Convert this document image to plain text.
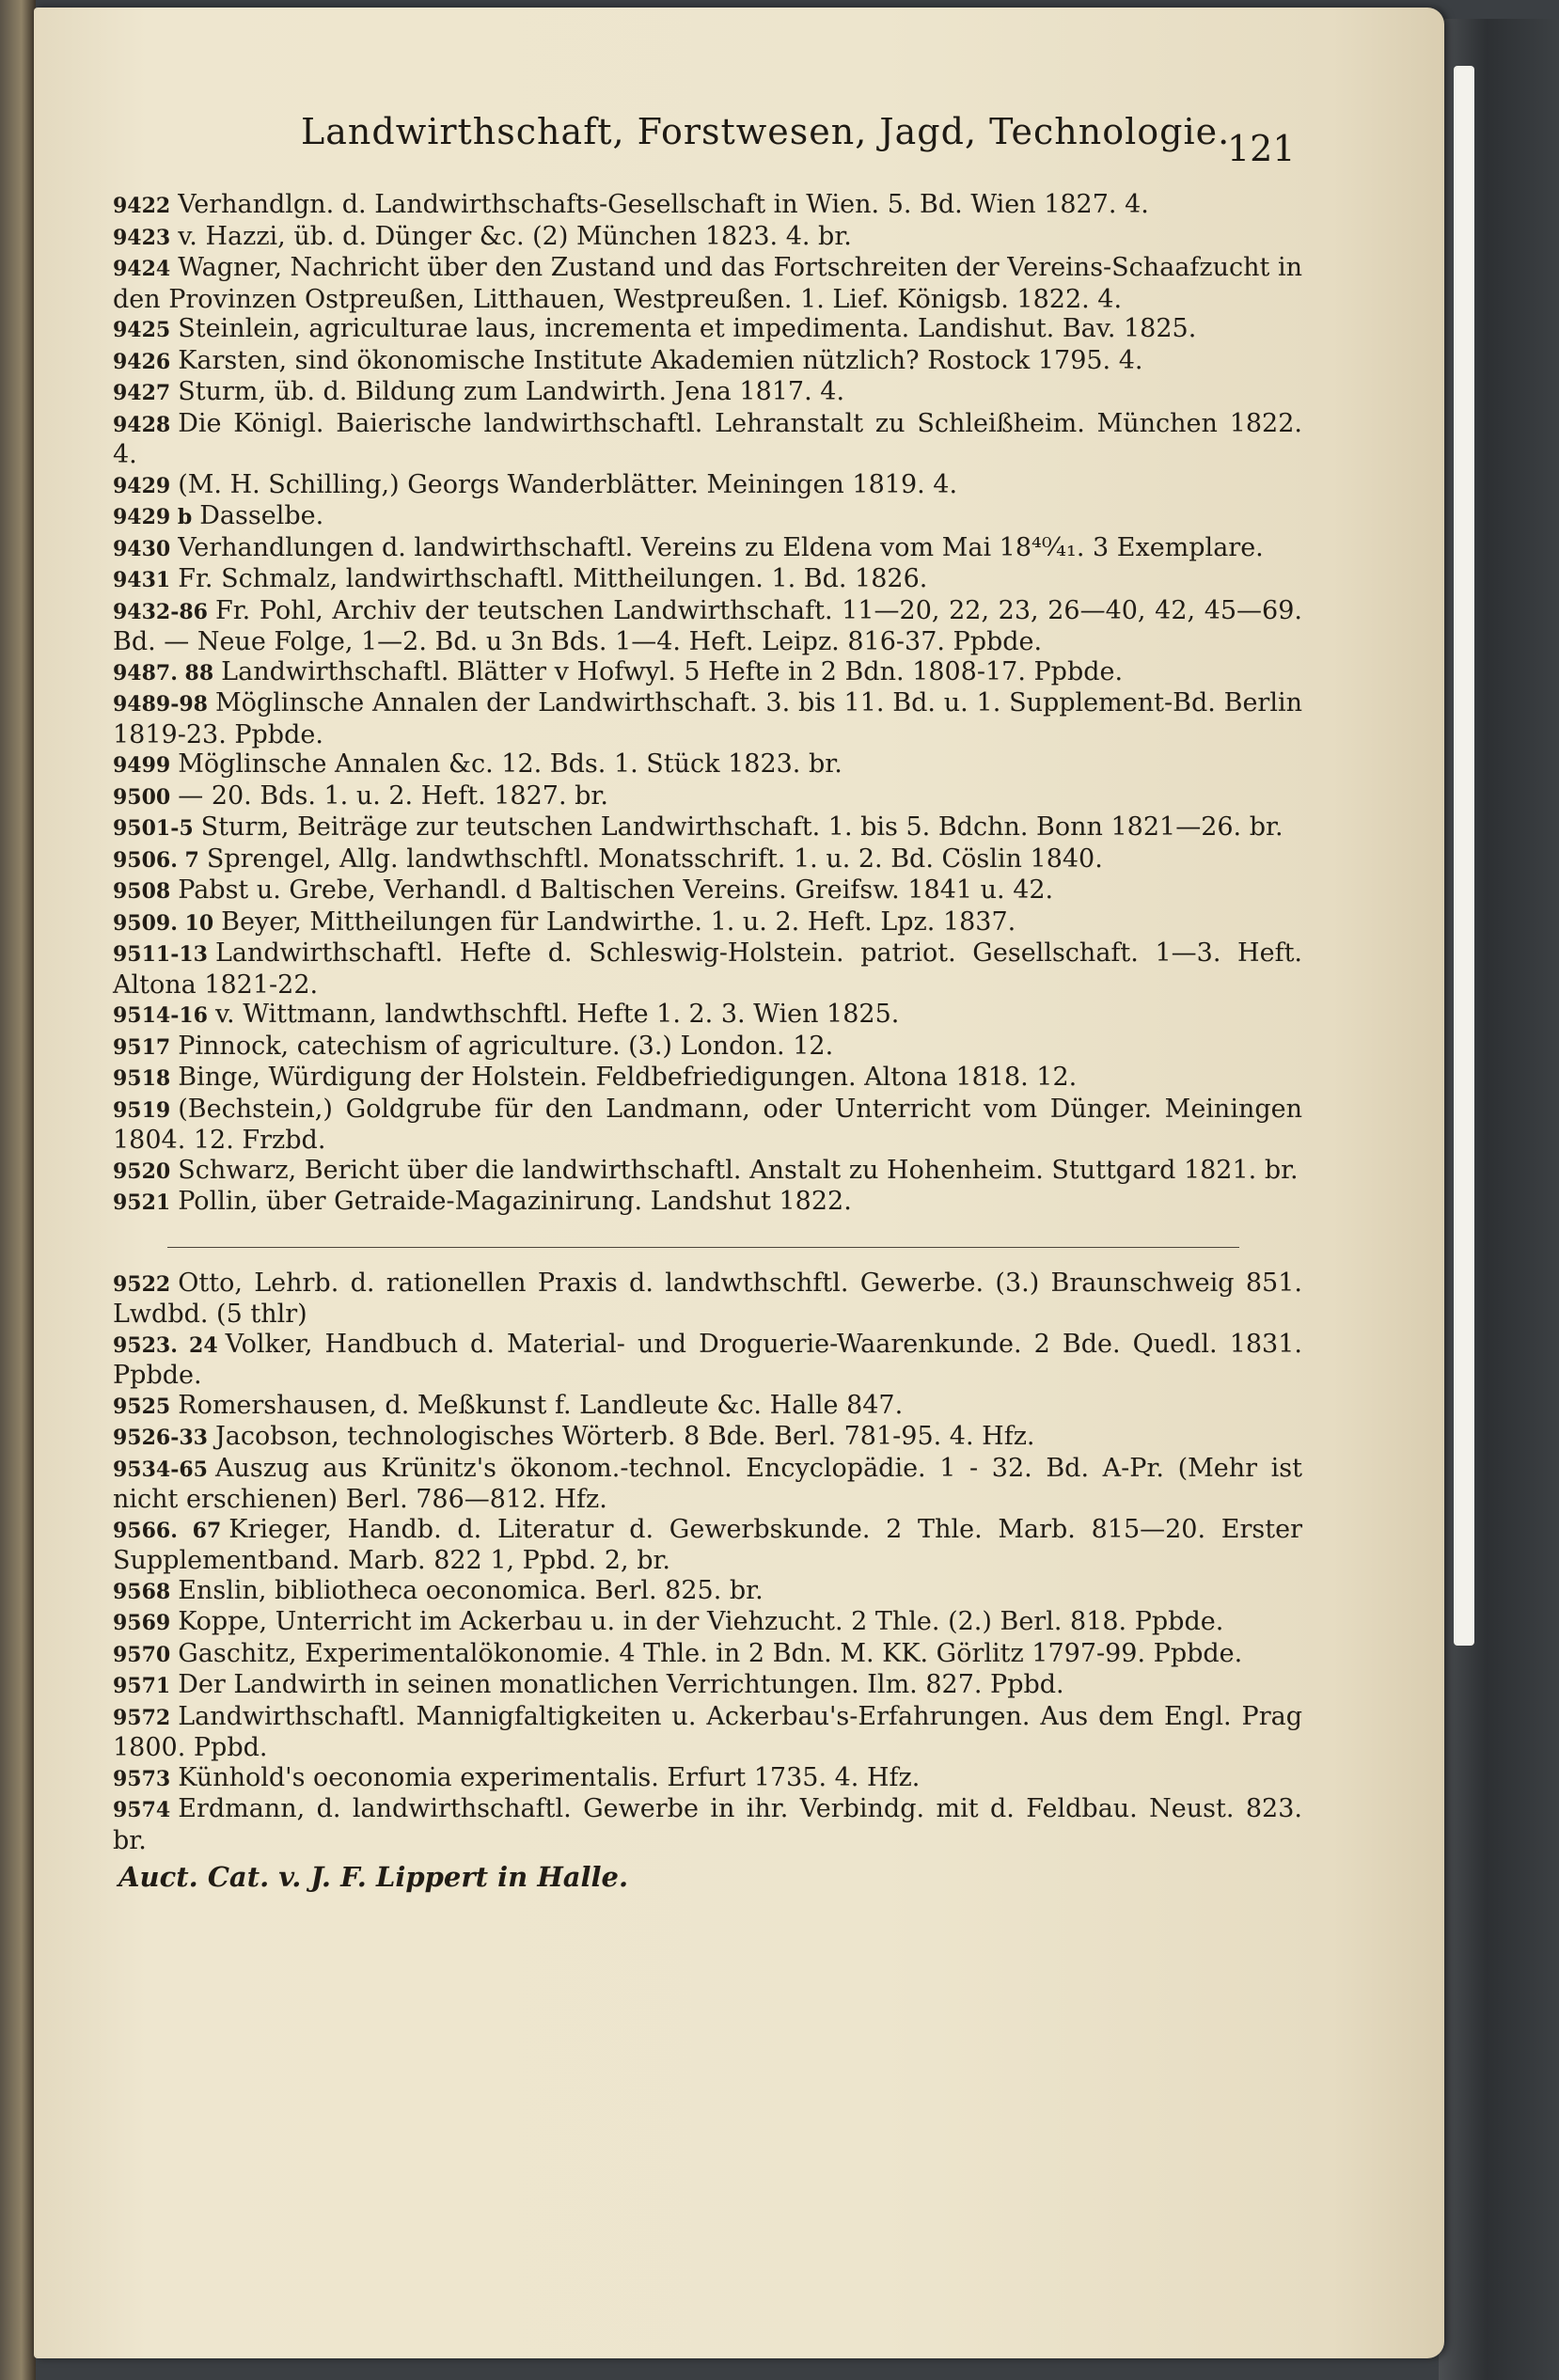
Landwirthschaft, Forstwesen, Jagd, Technologie.
121

9422 Verhandlgn. d. Landwirthschafts-Gesellschaft in Wien. 5. Bd. Wien 1827. 4.

9423 v. Hazzi, üb. d. Dünger &c. (2) München 1823. 4. br.

9424 Wagner, Nachricht über den Zustand und das Fortschreiten der Vereins-Schaafzucht in den Provinzen Ostpreußen, Litthauen, Westpreußen. 1. Lief. Königsb. 1822. 4.

9425 Steinlein, agriculturae laus, incrementa et impedimenta. Landishut. Bav. 1825.

9426 Karsten, sind ökonomische Institute Akademien nützlich? Rostock 1795. 4.

9427 Sturm, üb. d. Bildung zum Landwirth. Jena 1817. 4.

9428 Die Königl. Baierische landwirthschaftl. Lehranstalt zu Schleißheim. München 1822. 4.

9429 (M. H. Schilling,) Georgs Wanderblätter. Meiningen 1819. 4.

9429 b Dasselbe.

9430 Verhandlungen d. landwirthschaftl. Vereins zu Eldena vom Mai 18⁴⁰⁄₄₁. 3 Exemplare.

9431 Fr. Schmalz, landwirthschaftl. Mittheilungen. 1. Bd. 1826.

9432-86 Fr. Pohl, Archiv der teutschen Landwirthschaft. 11—20, 22, 23, 26—40, 42, 45—69. Bd. — Neue Folge, 1—2. Bd. u 3n Bds. 1—4. Heft. Leipz. 816-37. Ppbde.

9487. 88 Landwirthschaftl. Blätter v Hofwyl. 5 Hefte in 2 Bdn. 1808-17. Ppbde.

9489-98 Möglinsche Annalen der Landwirthschaft. 3. bis 11. Bd. u. 1. Supplement-Bd. Berlin 1819-23. Ppbde.

9499 Möglinsche Annalen &c. 12. Bds. 1. Stück 1823. br.

9500 — 20. Bds. 1. u. 2. Heft. 1827. br.

9501-5 Sturm, Beiträge zur teutschen Landwirthschaft. 1. bis 5. Bdchn. Bonn 1821—26. br.

9506. 7 Sprengel, Allg. landwthschftl. Monatsschrift. 1. u. 2. Bd. Cöslin 1840.

9508 Pabst u. Grebe, Verhandl. d Baltischen Vereins. Greifsw. 1841 u. 42.

9509. 10 Beyer, Mittheilungen für Landwirthe. 1. u. 2. Heft. Lpz. 1837.

9511-13 Landwirthschaftl. Hefte d. Schleswig-Holstein. patriot. Gesellschaft. 1—3. Heft. Altona 1821-22.

9514-16 v. Wittmann, landwthschftl. Hefte 1. 2. 3. Wien 1825.

9517 Pinnock, catechism of agriculture. (3.) London. 12.

9518 Binge, Würdigung der Holstein. Feldbefriedigungen. Altona 1818. 12.

9519 (Bechstein,) Goldgrube für den Landmann, oder Unterricht vom Dünger. Meiningen 1804. 12. Frzbd.

9520 Schwarz, Bericht über die landwirthschaftl. Anstalt zu Hohenheim. Stuttgard 1821. br.

9521 Pollin, über Getraide-Magazinirung. Landshut 1822.

9522 Otto, Lehrb. d. rationellen Praxis d. landwthschftl. Gewerbe. (3.) Braunschweig 851. Lwdbd. (5 thlr)

9523. 24 Volker, Handbuch d. Material- und Droguerie-Waarenkunde. 2 Bde. Quedl. 1831. Ppbde.

9525 Romershausen, d. Meßkunst f. Landleute &c. Halle 847.

9526-33 Jacobson, technologisches Wörterb. 8 Bde. Berl. 781-95. 4. Hfz.

9534-65 Auszug aus Krünitz's ökonom.-technol. Encyclopädie. 1 - 32. Bd. A-Pr. (Mehr ist nicht erschienen) Berl. 786—812. Hfz.

9566. 67 Krieger, Handb. d. Literatur d. Gewerbskunde. 2 Thle. Marb. 815—20. Erster Supplementband. Marb. 822 1, Ppbd. 2, br.

9568 Enslin, bibliotheca oeconomica. Berl. 825. br.

9569 Koppe, Unterricht im Ackerbau u. in der Viehzucht. 2 Thle. (2.) Berl. 818. Ppbde.

9570 Gaschitz, Experimentalökonomie. 4 Thle. in 2 Bdn. M. KK. Görlitz 1797-99. Ppbde.

9571 Der Landwirth in seinen monatlichen Verrichtungen. Ilm. 827. Ppbd.

9572 Landwirthschaftl. Mannigfaltigkeiten u. Ackerbau's-Erfahrungen. Aus dem Engl. Prag 1800. Ppbd.

9573 Künhold's oeconomia experimentalis. Erfurt 1735. 4. Hfz.

9574 Erdmann, d. landwirthschaftl. Gewerbe in ihr. Verbindg. mit d. Feldbau. Neust. 823. br.

Auct. Cat. v. J. F. Lippert in Halle.
